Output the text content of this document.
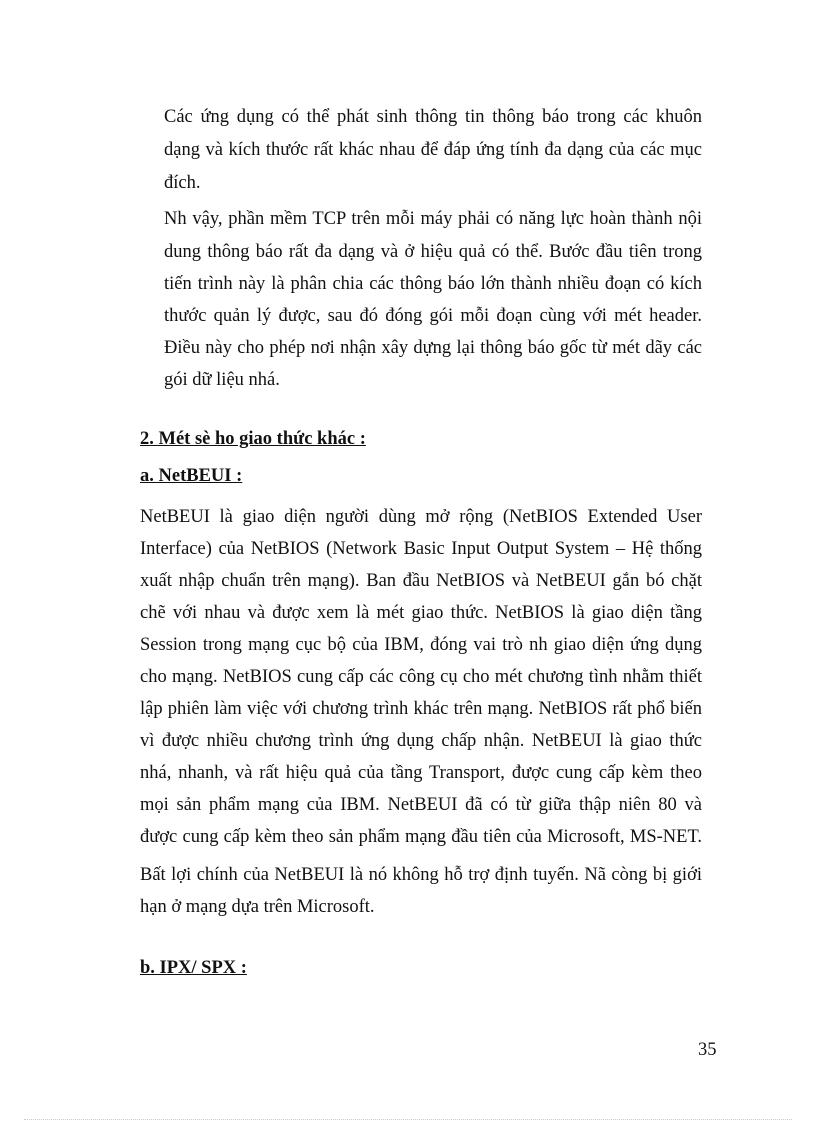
Các ứng dụng có thể phát sinh thông tin thông báo trong các khuôn

dạng và kích thước rất khác nhau để đáp ứng tính đa dạng của các mục

đích.

Nh vậy, phần mềm TCP trên mỗi máy phải có năng lực hoàn thành nội

dung thông báo rất đa dạng và ở hiệu quả có thể. Bước đầu tiên trong

tiến trình này là phân chia các thông báo lớn thành nhiều đoạn có kích

thước quản lý được, sau đó đóng gói mỗi đoạn cùng với mét header.

Điều này cho phép nơi nhận xây dựng lại thông báo gốc từ mét dãy các

gói dữ liệu nhá.

2. Mét sè ho giao thức khác :

a. NetBEUI :

NetBEUI là giao diện người dùng mở rộng (NetBIOS Extended User

Interface) của NetBIOS (Network Basic Input Output System – Hệ thống

xuất nhập chuẩn trên mạng). Ban đầu NetBIOS và NetBEUI gắn bó chặt

chẽ với nhau và được xem là mét giao thức. NetBIOS là giao diện tầng

Session trong mạng cục bộ của IBM, đóng vai trò nh giao diện ứng dụng

cho mạng. NetBIOS cung cấp các công cụ cho mét chương tình nhằm thiết

lập phiên làm việc với chương trình khác trên mạng. NetBIOS rất phổ biến

vì được nhiều chương trình ứng dụng chấp nhận. NetBEUI là giao thức

nhá, nhanh, và rất hiệu quả của tầng Transport, được cung cấp kèm theo

mọi sản phẩm mạng của IBM. NetBEUI đã có từ giữa thập niên 80 và

được cung cấp kèm theo sản phẩm mạng đầu tiên của Microsoft, MS-NET.

Bất lợi chính của NetBEUI là nó không hỗ trợ định tuyến. Nã còng bị giới

hạn ở mạng dựa trên Microsoft.

b. IPX/ SPX :

35
